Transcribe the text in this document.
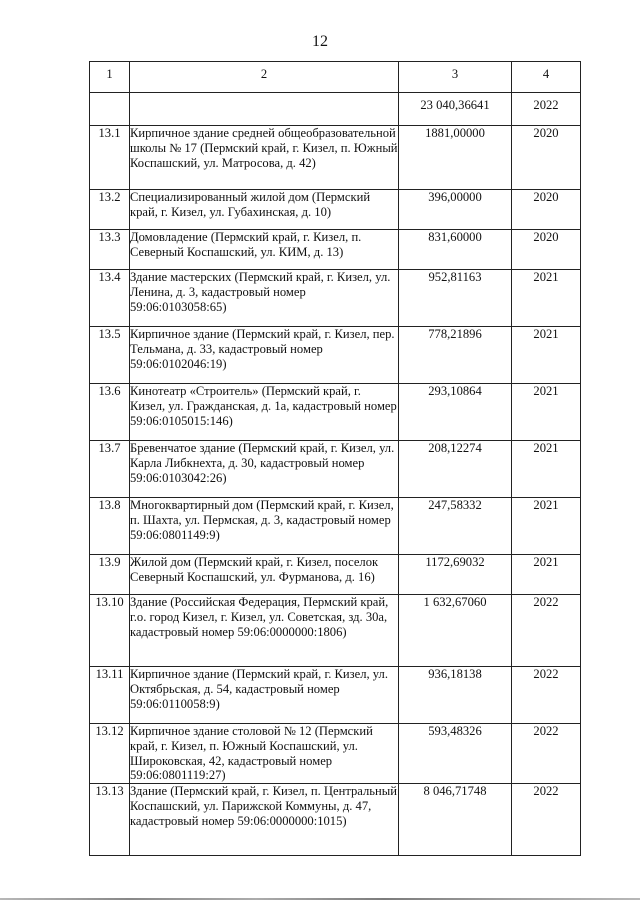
12
1	2	3	4
		23 040,36641	2022
13.1	Кирпичное здание средней общеобразовательной школы № 17 (Пермский край, г. Кизел, п. Южный Коспашский, ул. Матросова, д. 42)	1881,00000	2020
13.2	Специализированный жилой дом (Пермский край, г. Кизел, ул. Губахинская, д. 10)	396,00000	2020
13.3	Домовладение (Пермский край, г. Кизел, п. Северный Коспашский, ул. КИМ, д. 13)	831,60000	2020
13.4	Здание мастерских (Пермский край, г. Кизел, ул. Ленина, д. 3, кадастровый номер 59:06:0103058:65)	952,81163	2021
13.5	Кирпичное здание (Пермский край, г. Кизел, пер. Тельмана, д. 33, кадастровый номер 59:06:0102046:19)	778,21896	2021
13.6	Кинотеатр «Строитель» (Пермский край, г. Кизел, ул. Гражданская, д. 1а, кадастровый номер 59:06:0105015:146)	293,10864	2021
13.7	Бревенчатое здание (Пермский край, г. Кизел, ул. Карла Либкнехта, д. 30, кадастровый номер 59:06:0103042:26)	208,12274	2021
13.8	Многоквартирный дом (Пермский край, г. Кизел, п. Шахта, ул. Пермская, д. 3, кадастровый номер 59:06:0801149:9)	247,58332	2021
13.9	Жилой дом (Пермский край, г. Кизел, поселок Северный Коспашский, ул. Фурманова, д. 16)	1172,69032	2021
13.10	Здание (Российская Федерация, Пермский край, г.о. город Кизел, г. Кизел, ул. Советская, зд. 30а, кадастровый номер 59:06:0000000:1806)	1 632,67060	2022
13.11	Кирпичное здание (Пермский край, г. Кизел, ул. Октябрьская, д. 54, кадастровый номер 59:06:0110058:9)	936,18138	2022
13.12	Кирпичное здание столовой № 12 (Пермский край, г. Кизел, п. Южный Коспашский, ул. Широковская, 42, кадастровый номер 59:06:0801119:27)	593,48326	2022
13.13	Здание (Пермский край, г. Кизел, п. Центральный Коспашский, ул. Парижской Коммуны, д. 47, кадастровый номер 59:06:0000000:1015)	8 046,71748	2022
